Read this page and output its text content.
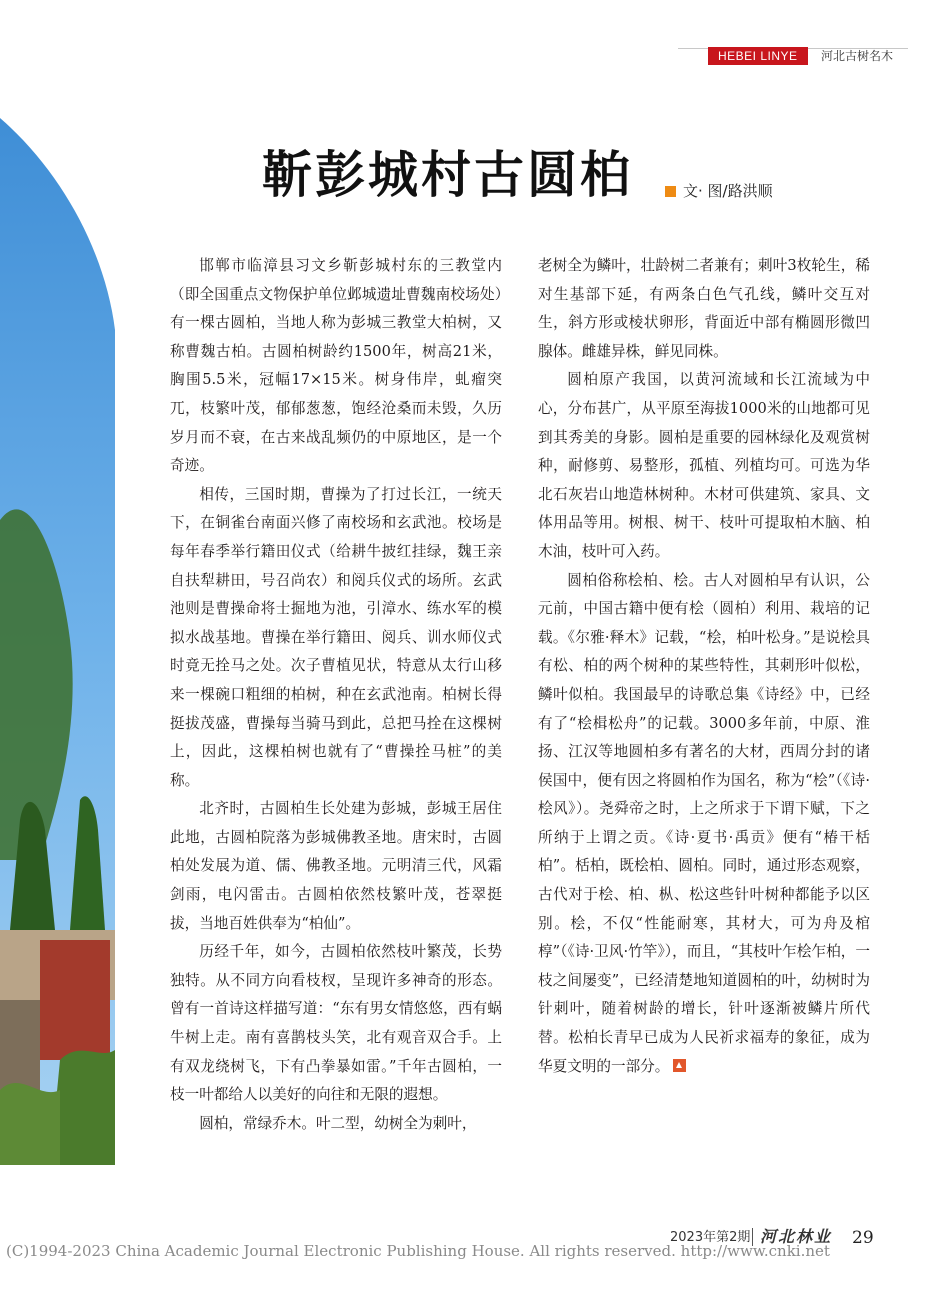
HEBEI LINYE	河北古树名木
靳彭城村古圆柏	文· 图/路洪顺

邯郸市临漳县习文乡靳彭城村东的三教堂内（即全国重点文物保护单位邺城遗址曹魏南校场处）有一棵古圆柏，当地人称为彭城三教堂大柏树，又称曹魏古柏。古圆柏树龄约1500年，树高21米，胸围5.5米，冠幅17×15米。树身伟岸，虬瘤突兀，枝繁叶茂，郁郁葱葱，饱经沧桑而未毁，久历岁月而不衰，在古来战乱频仍的中原地区，是一个奇迹。

相传，三国时期，曹操为了打过长江，一统天下，在铜雀台南面兴修了南校场和玄武池。校场是每年春季举行籍田仪式（给耕牛披红挂绿，魏王亲自扶犁耕田，号召尚农）和阅兵仪式的场所。玄武池则是曹操命将士掘地为池，引漳水、练水军的模拟水战基地。曹操在举行籍田、阅兵、训水师仪式时竟无拴马之处。次子曹植见状，特意从太行山移来一棵碗口粗细的柏树，种在玄武池南。柏树长得挺拔茂盛，曹操每当骑马到此，总把马拴在这棵树上，因此，这棵柏树也就有了“曹操拴马桩”的美称。

北齐时，古圆柏生长处建为彭城，彭城王居住此地，古圆柏院落为彭城佛教圣地。唐宋时，古圆柏处发展为道、儒、佛教圣地。元明清三代，风霜剑雨，电闪雷击。古圆柏依然枝繁叶茂，苍翠挺拔，当地百姓供奉为“柏仙”。

历经千年，如今，古圆柏依然枝叶繁茂，长势独特。从不同方向看枝杈，呈现许多神奇的形态。曾有一首诗这样描写道：“东有男女情悠悠，西有蜗牛树上走。南有喜鹊枝头笑，北有观音双合手。上有双龙绕树飞，下有凸拳暴如雷。”千年古圆柏，一枝一叶都给人以美好的向往和无限的遐想。

圆柏，常绿乔木。叶二型，幼树全为刺叶，

老树全为鳞叶，壮龄树二者兼有；刺叶3枚轮生，稀对生基部下延，有两条白色气孔线，鳞叶交互对生，斜方形或棱状卵形，背面近中部有椭圆形微凹腺体。雌雄异株，鲜见同株。

圆柏原产我国，以黄河流域和长江流域为中心，分布甚广，从平原至海拔1000米的山地都可见到其秀美的身影。圆柏是重要的园林绿化及观赏树种，耐修剪、易整形，孤植、列植均可。可选为华北石灰岩山地造林树种。木材可供建筑、家具、文体用品等用。树根、树干、枝叶可提取柏木脑、柏木油，枝叶可入药。

圆柏俗称桧柏、桧。古人对圆柏早有认识，公元前，中国古籍中便有桧（圆柏）利用、栽培的记载。《尔雅·释木》记载，“桧，柏叶松身。”是说桧具有松、柏的两个树种的某些特性，其刺形叶似松，鳞叶似柏。我国最早的诗歌总集《诗经》中，已经有了“桧楫松舟”的记载。3000多年前，中原、淮扬、江汉等地圆柏多有著名的大材，西周分封的诸侯国中，便有因之将圆柏作为国名，称为“桧”（《诗·桧风》）。尧舜帝之时，上之所求于下谓下赋，下之所纳于上谓之贡。《诗·夏书·禹贡》便有“椿干栝柏”。栝柏，既桧柏、圆柏。同时，通过形态观察，古代对于桧、柏、枞、松这些针叶树种都能予以区别。桧，不仅“性能耐寒，其材大，可为舟及棺椁”（《诗·卫风·竹竿》），而且，“其枝叶乍桧乍柏，一枝之间屡变”，已经清楚地知道圆柏的叶，幼树时为针刺叶，随着树龄的增长，针叶逐渐被鳞片所代替。松柏长青早已成为人民祈求福寿的象征，成为华夏文明的一部分。

2023年第2期 河北林业 29
(C)1994-2023 China Academic Journal Electronic Publishing House. All rights reserved. http://www.cnki.net
